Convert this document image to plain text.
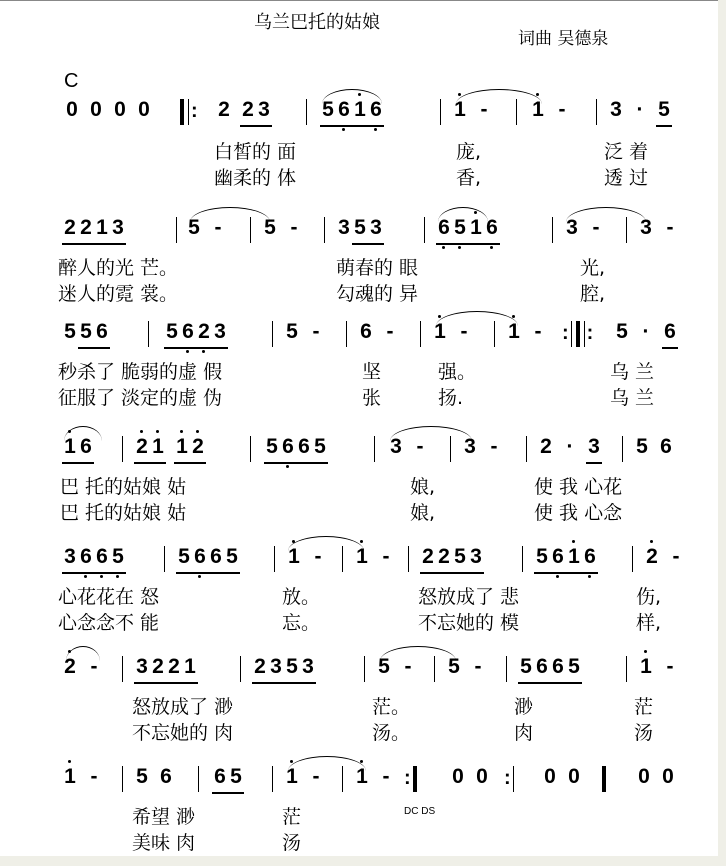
乌兰巴托的姑娘
词曲 吴德泉
C
0 0 0 0	2 2 3 5 6 1 6	1 - 1 - 3 · 5
:
白皙的 面	庞,	泛 着
幽柔的 体	香,	透 过
2 2 1 3	5 - 5 - 3 5 3	6 5 1 6	3 - 3 -
醉人的光 芒。	萌春的 眼	光,
迷人的霓 裳。	勾魂的 异	腔,
5 5 6	5 6 2 3	5 - 6 - 1 - 1 -	5 · 6
: :
秒杀了 脆弱的虚 假	坚	强。	乌 兰
征服了 淡定的虚 伪	张	扬.	乌 兰
1 6 2 1 1 2	5 6 6 5	3 - 3 - 2 · 3 5 6
巴 托的姑娘 姑	娘,	使 我 心花
巴 托的姑娘 姑	娘,	使 我 心念
3 6 6 5	5 6 6 5 1 - 1 - 2 2 5 3	5 6 1 6 2 -
心花花在 怒	放。	怒放成了 悲	伤,
心念念不 能	忘。	不忘她的 模	样,
2 - 3 2 2 1	2 3 5 3	5 - 5 - 5 6 6 5	1 -
怒放成了 渺	茫。	渺	茫
不忘她的 肉	汤。	肉	汤
1 - 5 6 6 5 1 - 1 -	0 0	0 0	0 0
:	:
希望 渺	茫
美味 肉	汤
DC DS
